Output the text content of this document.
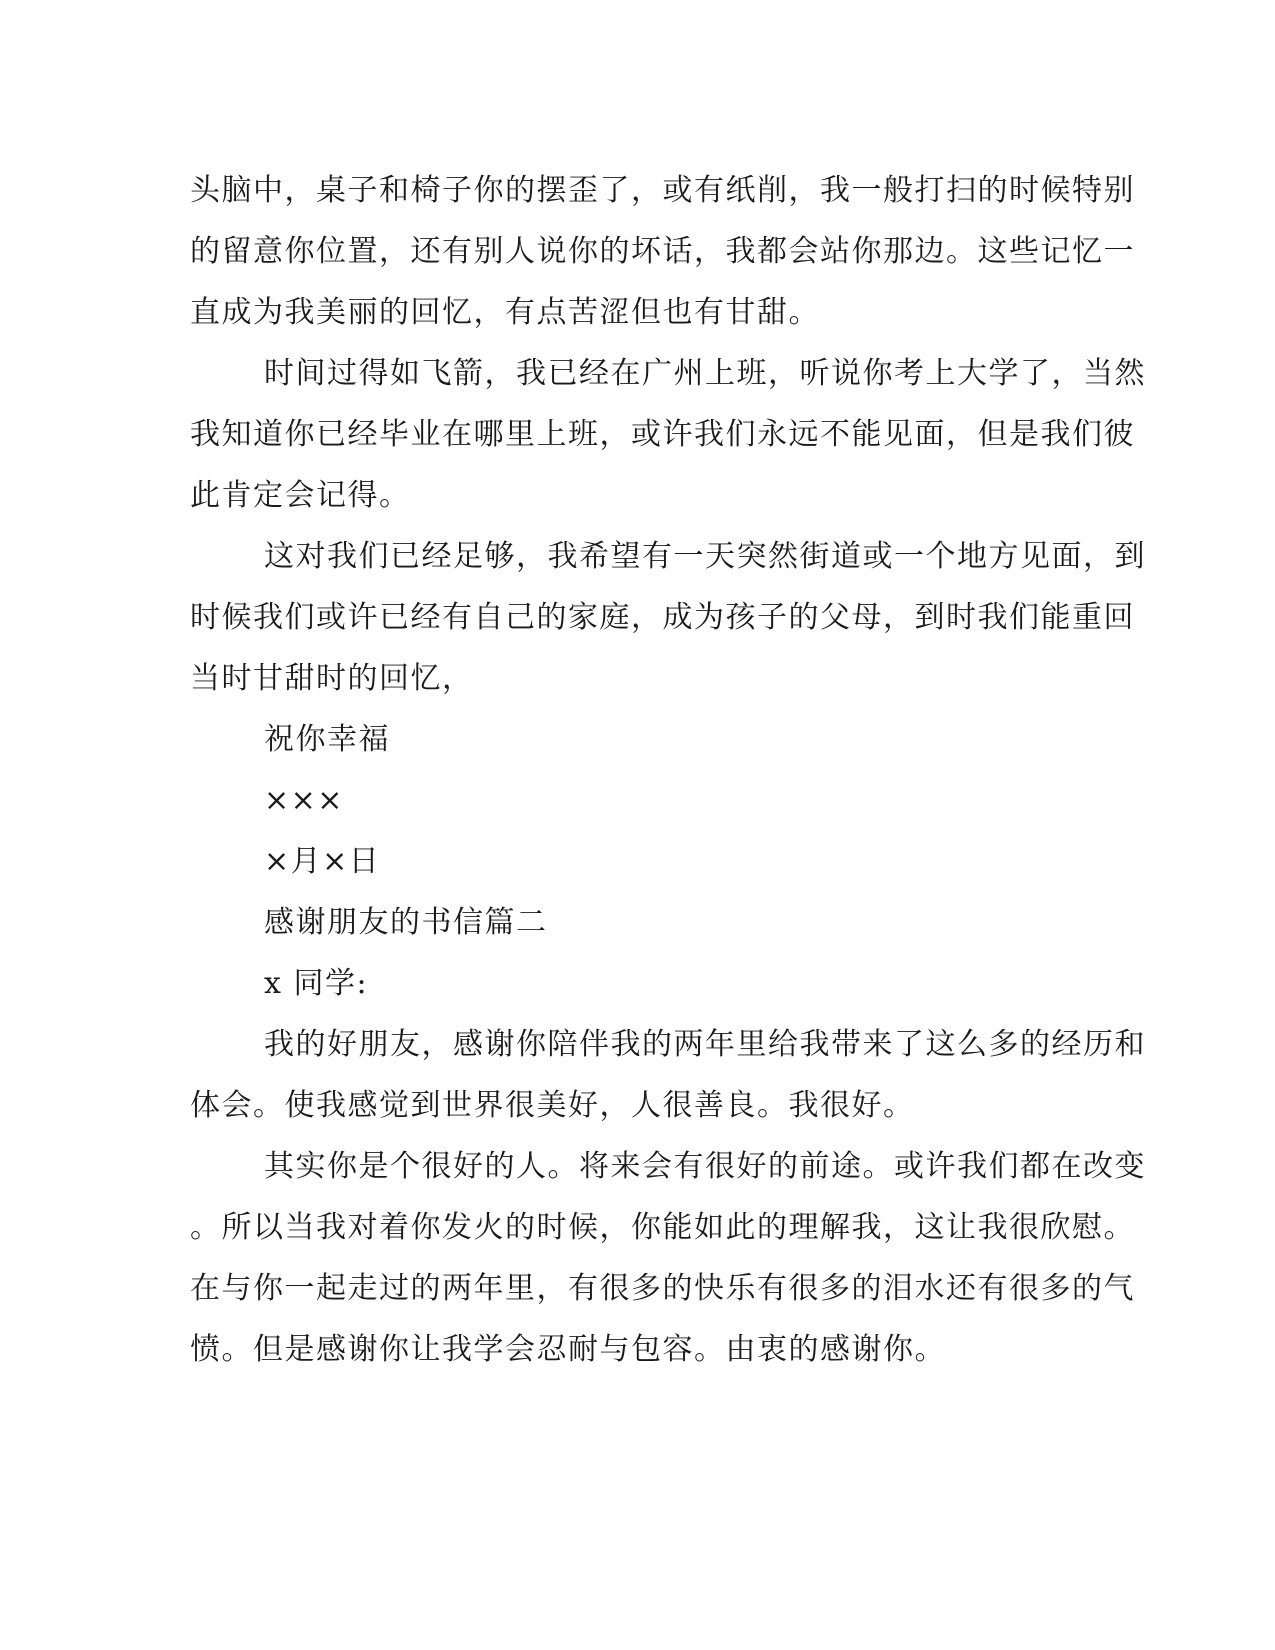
头脑中，桌子和椅子你的摆歪了，或有纸削，我一般打扫的时候特别
的留意你位置，还有别人说你的坏话，我都会站你那边。这些记忆一
直成为我美丽的回忆，有点苦涩但也有甘甜。
时间过得如飞箭，我已经在广州上班，听说你考上大学了，当然
我知道你已经毕业在哪里上班，或许我们永远不能见面，但是我们彼
此肯定会记得。
这对我们已经足够，我希望有一天突然街道或一个地方见面，到
时候我们或许已经有自己的家庭，成为孩子的父母，到时我们能重回
当时甘甜时的回忆，
祝你幸福
×××
×月×日
感谢朋友的书信篇二
x 同学:
我的好朋友，感谢你陪伴我的两年里给我带来了这么多的经历和
体会。使我感觉到世界很美好，人很善良。我很好。
其实你是个很好的人。将来会有很好的前途。或许我们都在改变
。所以当我对着你发火的时候，你能如此的理解我，这让我很欣慰。
在与你一起走过的两年里，有很多的快乐有很多的泪水还有很多的气
愤。但是感谢你让我学会忍耐与包容。由衷的感谢你。
